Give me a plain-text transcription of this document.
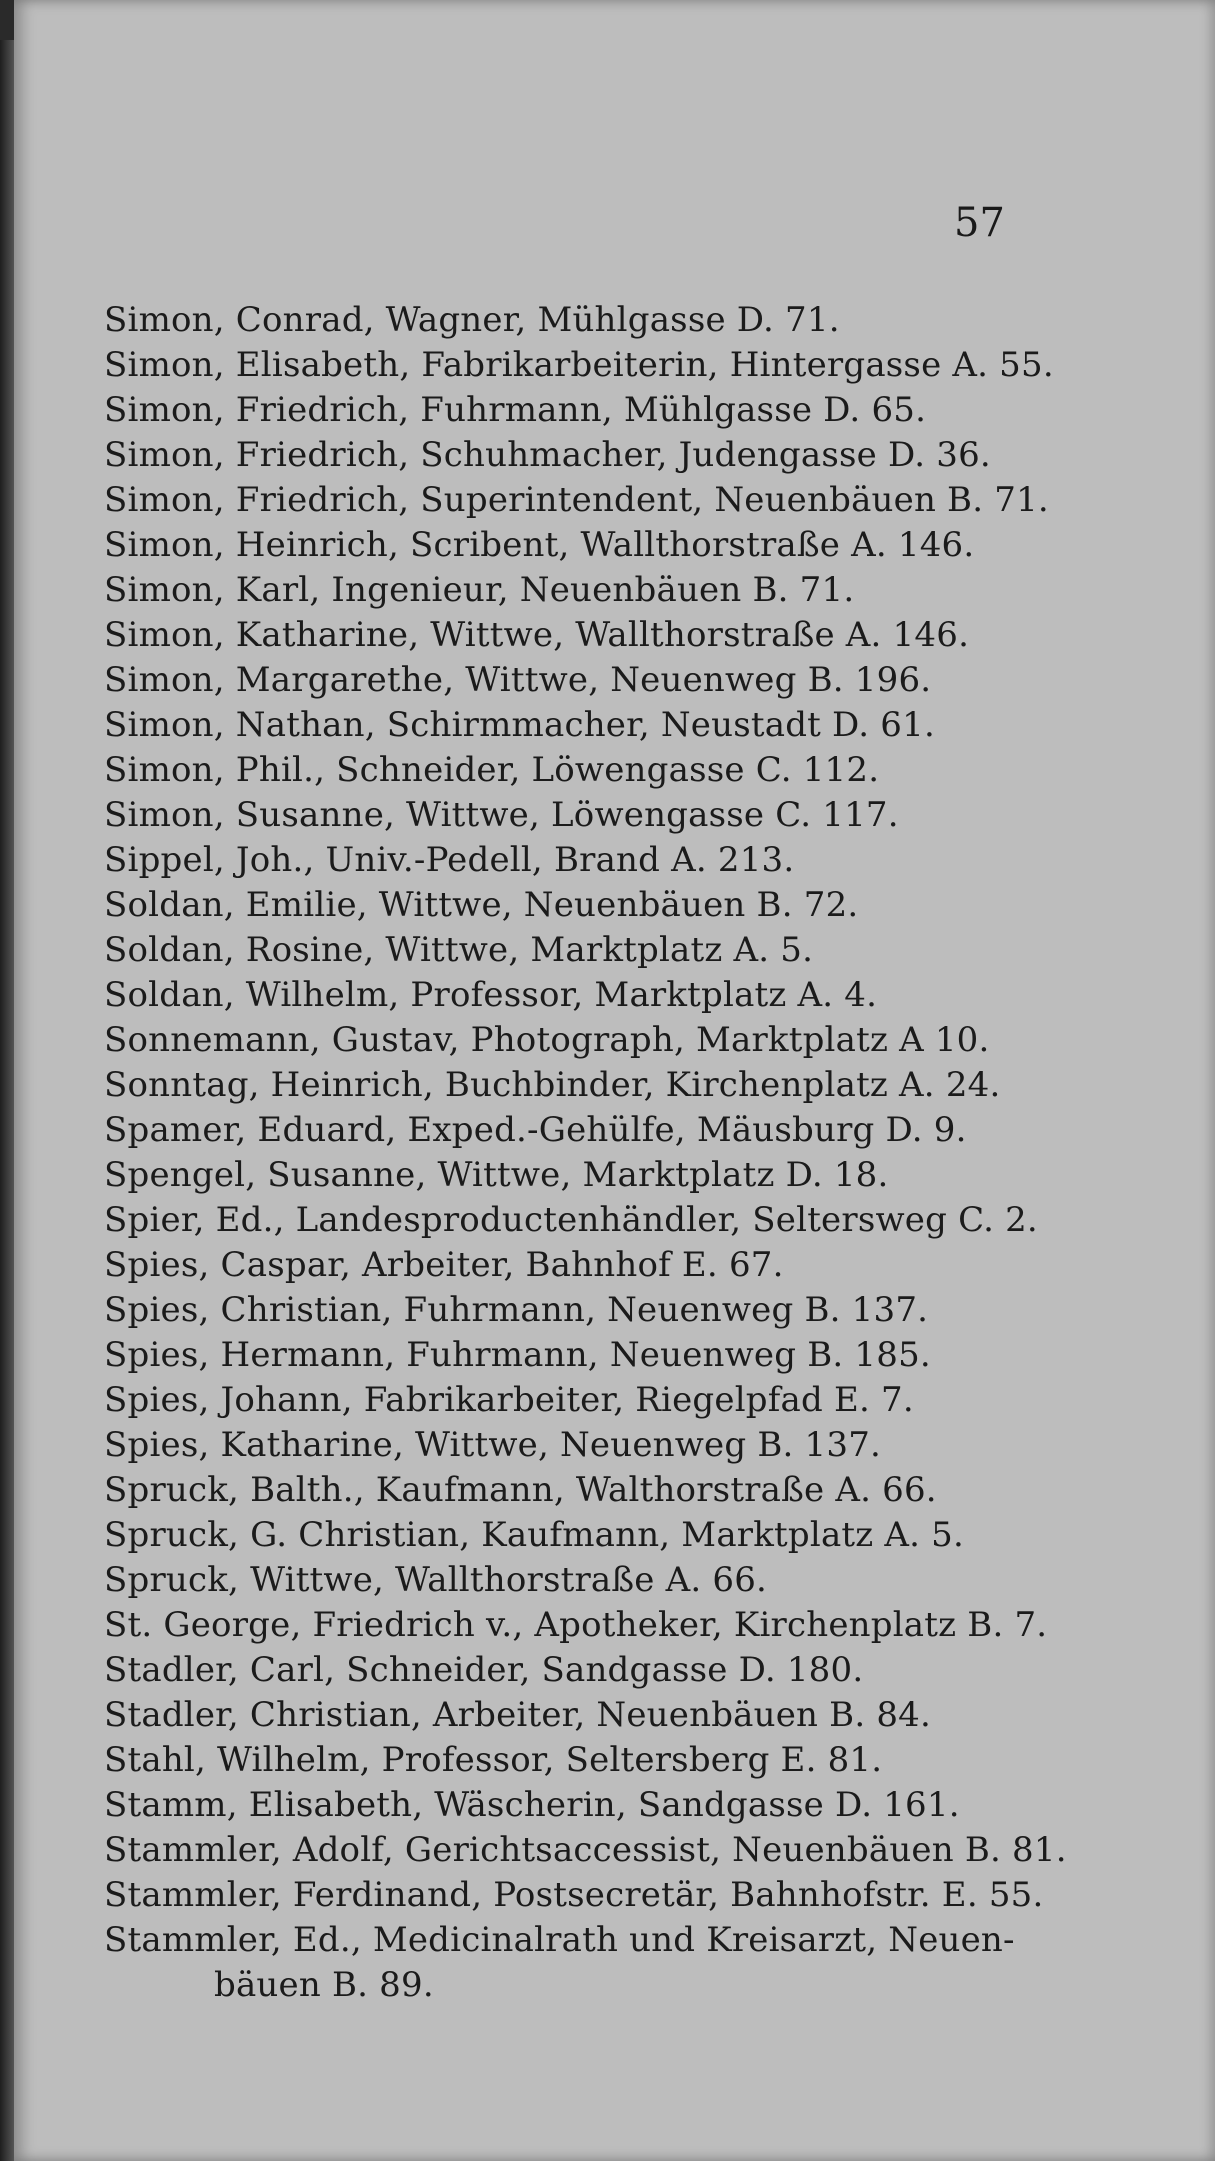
57
Simon, Conrad, Wagner, Mühlgasse D. 71.
Simon, Elisabeth, Fabrikarbeiterin, Hintergasse A. 55.
Simon, Friedrich, Fuhrmann, Mühlgasse D. 65.
Simon, Friedrich, Schuhmacher, Judengasse D. 36.
Simon, Friedrich, Superintendent, Neuenbäuen B. 71.
Simon, Heinrich, Scribent, Wallthorstraße A. 146.
Simon, Karl, Ingenieur, Neuenbäuen B. 71.
Simon, Katharine, Wittwe, Wallthorstraße A. 146.
Simon, Margarethe, Wittwe, Neuenweg B. 196.
Simon, Nathan, Schirmmacher, Neustadt D. 61.
Simon, Phil., Schneider, Löwengasse C. 112.
Simon, Susanne, Wittwe, Löwengasse C. 117.
Sippel, Joh., Univ.-Pedell, Brand A. 213.
Soldan, Emilie, Wittwe, Neuenbäuen B. 72.
Soldan, Rosine, Wittwe, Marktplatz A. 5.
Soldan, Wilhelm, Professor, Marktplatz A. 4.
Sonnemann, Gustav, Photograph, Marktplatz A 10.
Sonntag, Heinrich, Buchbinder, Kirchenplatz A. 24.
Spamer, Eduard, Exped.-Gehülfe, Mäusburg D. 9.
Spengel, Susanne, Wittwe, Marktplatz D. 18.
Spier, Ed., Landesproductenhändler, Seltersweg C. 2.
Spies, Caspar, Arbeiter, Bahnhof E. 67.
Spies, Christian, Fuhrmann, Neuenweg B. 137.
Spies, Hermann, Fuhrmann, Neuenweg B. 185.
Spies, Johann, Fabrikarbeiter, Riegelpfad E. 7.
Spies, Katharine, Wittwe, Neuenweg B. 137.
Spruck, Balth., Kaufmann, Walthorstraße A. 66.
Spruck, G. Christian, Kaufmann, Marktplatz A. 5.
Spruck, Wittwe, Wallthorstraße A. 66.
St. George, Friedrich v., Apotheker, Kirchenplatz B. 7.
Stadler, Carl, Schneider, Sandgasse D. 180.
Stadler, Christian, Arbeiter, Neuenbäuen B. 84.
Stahl, Wilhelm, Professor, Seltersberg E. 81.
Stamm, Elisabeth, Wäscherin, Sandgasse D. 161.
Stammler, Adolf, Gerichtsaccessist, Neuenbäuen B. 81.
Stammler, Ferdinand, Postsecretär, Bahnhofstr. E. 55.
Stammler, Ed., Medicinalrath und Kreisarzt, Neuen-
bäuen B. 89.
